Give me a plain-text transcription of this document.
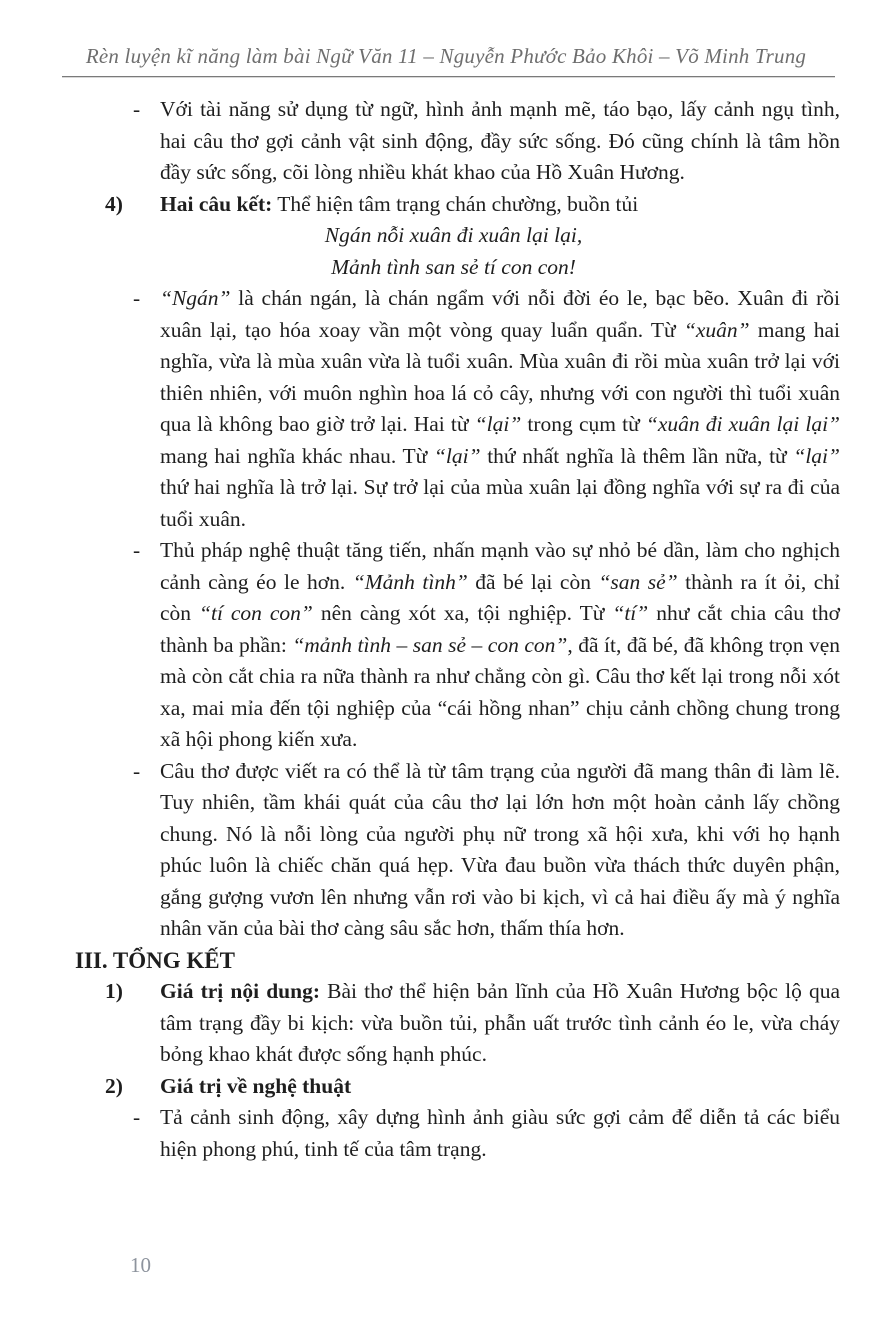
Rèn luyện kĩ năng làm bài Ngữ Văn 11 – Nguyễn Phước Bảo Khôi – Võ Minh Trung
- Với tài năng sử dụng từ ngữ, hình ảnh mạnh mẽ, táo bạo, lấy cảnh ngụ tình, hai câu thơ gợi cảnh vật sinh động, đầy sức sống. Đó cũng chính là tâm hồn đầy sức sống, cõi lòng nhiều khát khao của Hồ Xuân Hương.
4) Hai câu kết: Thể hiện tâm trạng chán chường, buồn tủi
Ngán nỗi xuân đi xuân lại lại,
Mảnh tình san sẻ tí con con!
- “Ngán” là chán ngán, là chán ngẩm với nỗi đời éo le, bạc bẽo. Xuân đi rồi xuân lại, tạo hóa xoay vần một vòng quay luẩn quẩn. Từ “xuân” mang hai nghĩa, vừa là mùa xuân vừa là tuổi xuân. Mùa xuân đi rồi mùa xuân trở lại với thiên nhiên, với muôn nghìn hoa lá cỏ cây, nhưng với con người thì tuổi xuân qua là không bao giờ trở lại. Hai từ “lại” trong cụm từ “xuân đi xuân lại lại” mang hai nghĩa khác nhau. Từ “lại” thứ nhất nghĩa là thêm lần nữa, từ “lại” thứ hai nghĩa là trở lại. Sự trở lại của mùa xuân lại đồng nghĩa với sự ra đi của tuổi xuân.
- Thủ pháp nghệ thuật tăng tiến, nhấn mạnh vào sự nhỏ bé dần, làm cho nghịch cảnh càng éo le hơn. “Mảnh tình” đã bé lại còn “san sẻ” thành ra ít ỏi, chỉ còn “tí con con” nên càng xót xa, tội nghiệp. Từ “tí” như cắt chia câu thơ thành ba phần: “mảnh tình – san sẻ – con con”, đã ít, đã bé, đã không trọn vẹn mà còn cắt chia ra nữa thành ra như chẳng còn gì. Câu thơ kết lại trong nỗi xót xa, mai mỉa đến tội nghiệp của “cái hồng nhan” chịu cảnh chồng chung trong xã hội phong kiến xưa.
- Câu thơ được viết ra có thể là từ tâm trạng của người đã mang thân đi làm lẽ. Tuy nhiên, tầm khái quát của câu thơ lại lớn hơn một hoàn cảnh lấy chồng chung. Nó là nỗi lòng của người phụ nữ trong xã hội xưa, khi với họ hạnh phúc luôn là chiếc chăn quá hẹp. Vừa đau buồn vừa thách thức duyên phận, gắng gượng vươn lên nhưng vẫn rơi vào bi kịch, vì cả hai điều ấy mà ý nghĩa nhân văn của bài thơ càng sâu sắc hơn, thấm thía hơn.
III. TỔNG KẾT
1) Giá trị nội dung: Bài thơ thể hiện bản lĩnh của Hồ Xuân Hương bộc lộ qua tâm trạng đầy bi kịch: vừa buồn tủi, phẫn uất trước tình cảnh éo le, vừa cháy bỏng khao khát được sống hạnh phúc.
2) Giá trị về nghệ thuật
- Tả cảnh sinh động, xây dựng hình ảnh giàu sức gợi cảm để diễn tả các biểu hiện phong phú, tinh tế của tâm trạng.
10
